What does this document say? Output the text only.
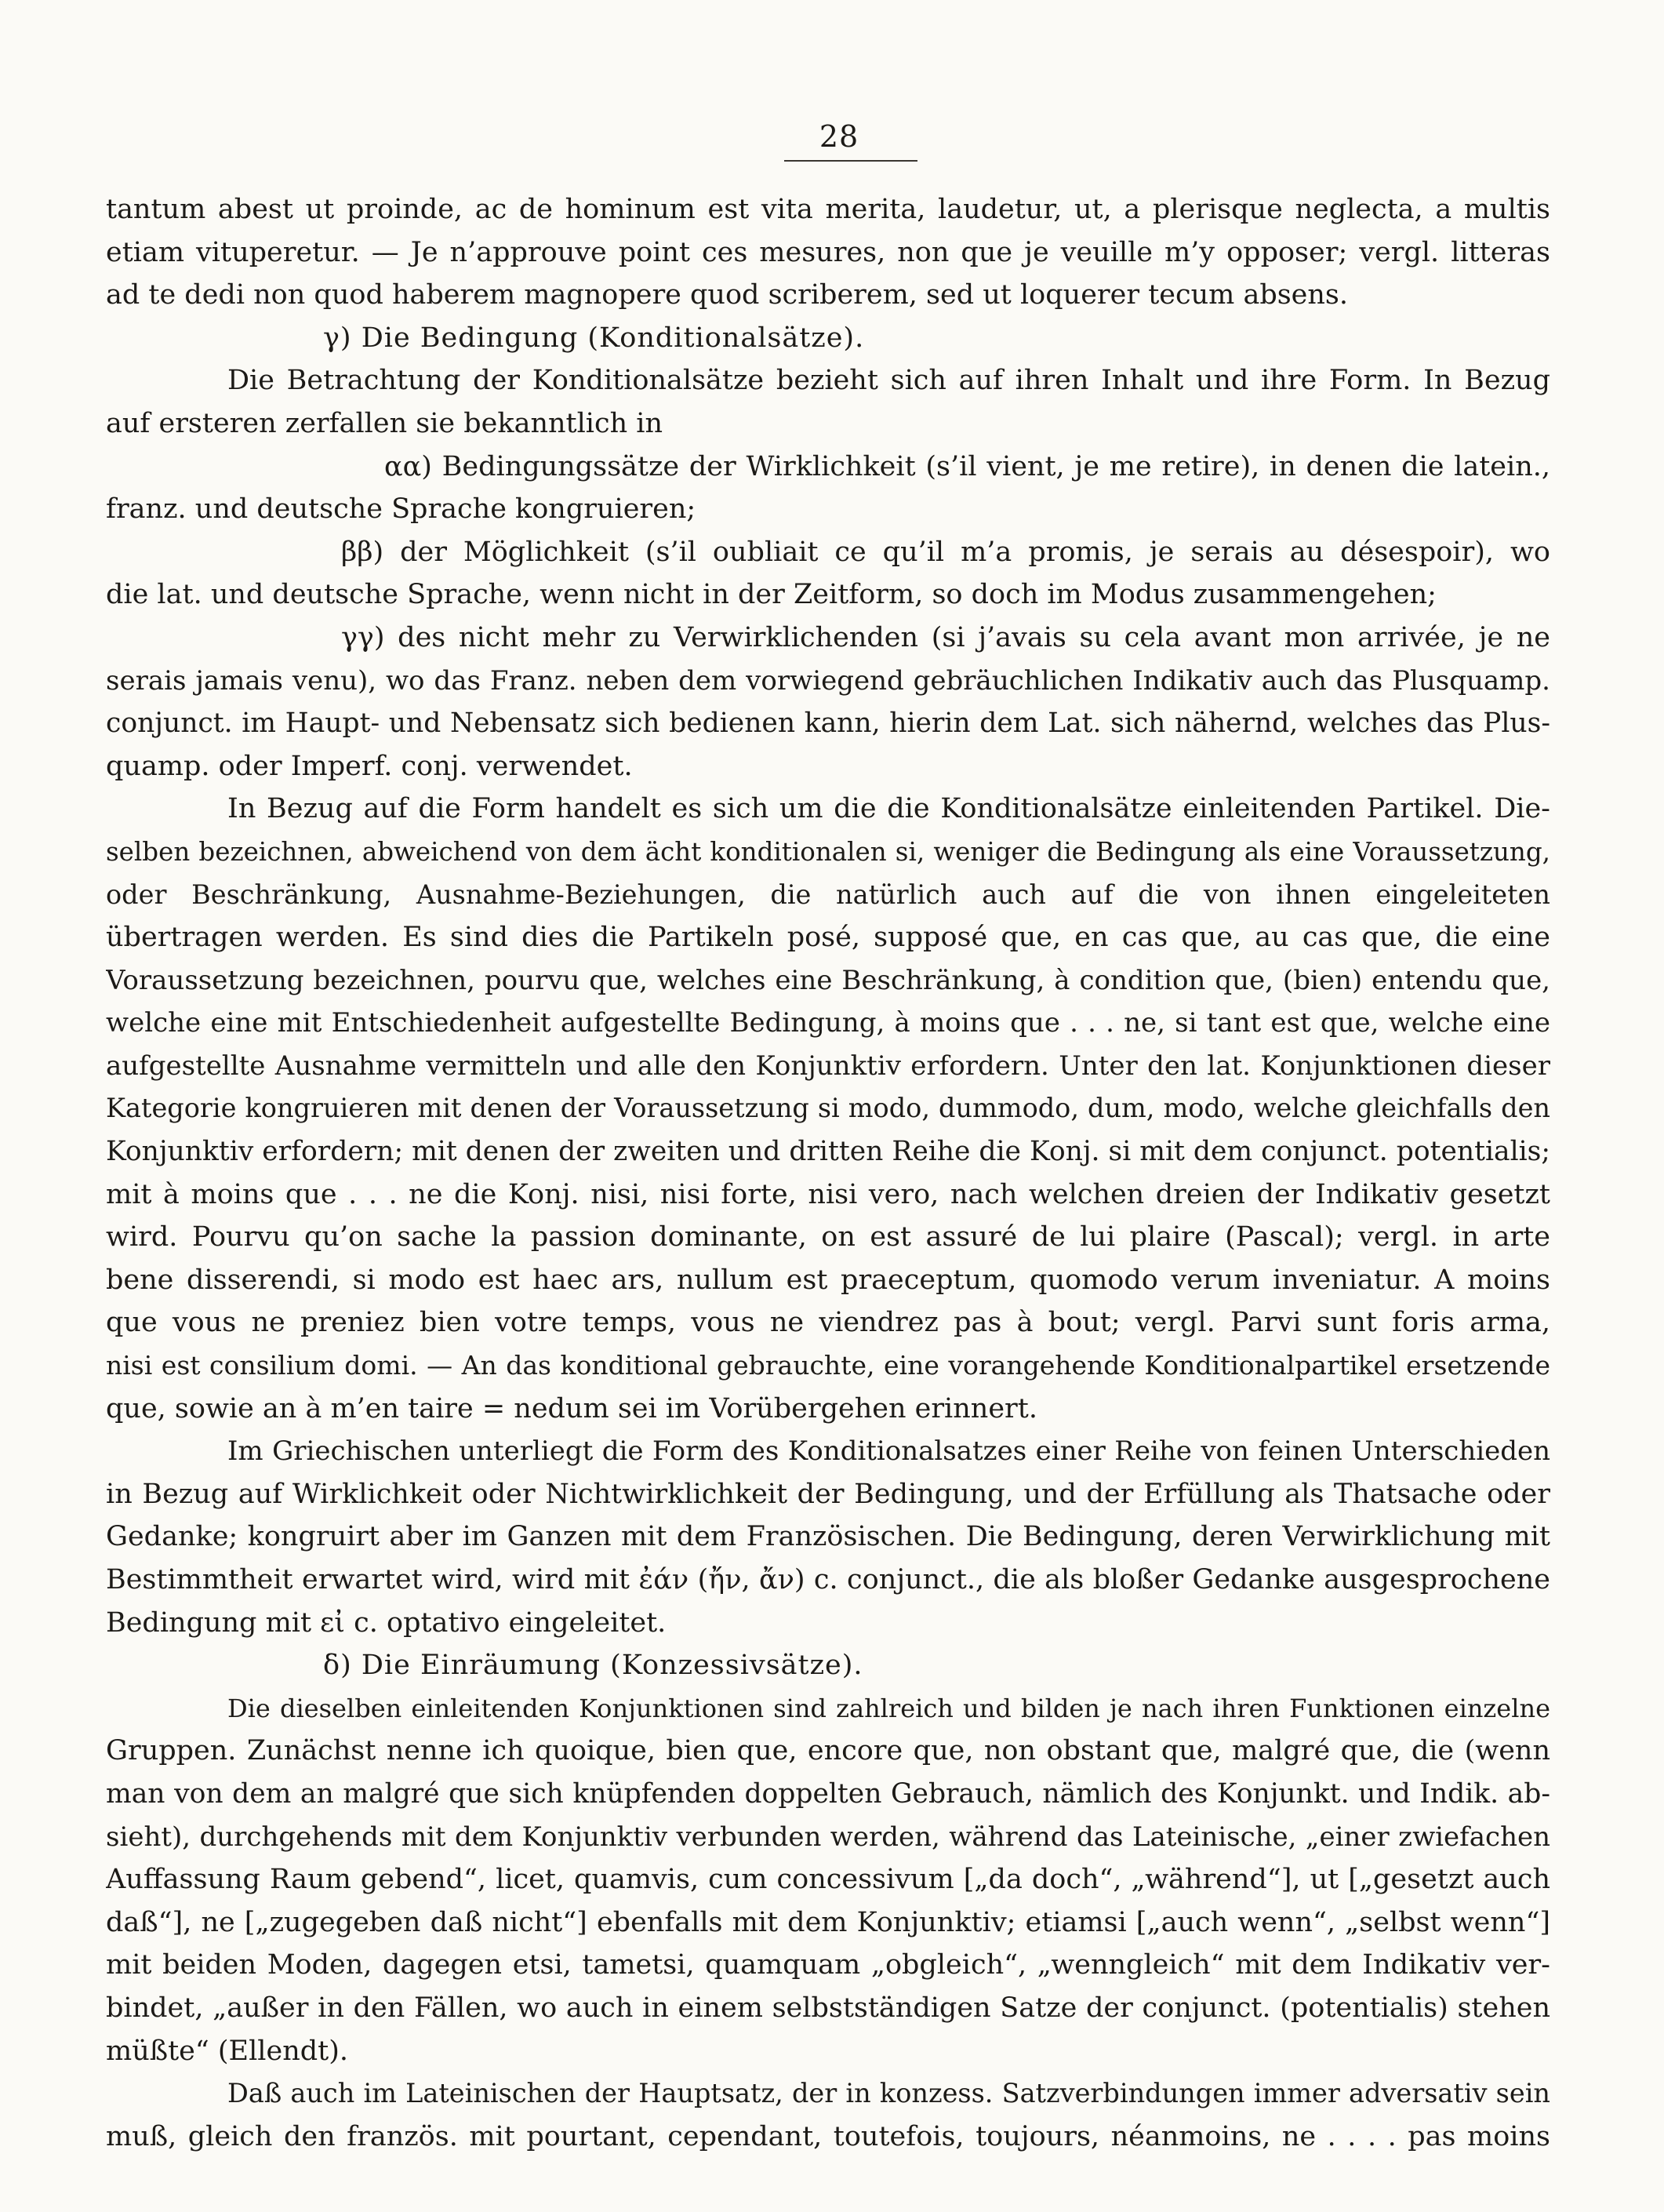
28

tantum abest ut proinde, ac de hominum est vita merita, laudetur, ut, a plerisque neglecta, a multis

etiam vituperetur. — Je n’approuve point ces mesures, non que je veuille m’y opposer; vergl. litteras

ad te dedi non quod haberem magnopere quod scriberem, sed ut loquerer tecum absens.

γ) Die Bedingung (Konditionalsätze).

Die Betrachtung der Konditionalsätze bezieht sich auf ihren Inhalt und ihre Form. In Bezug

auf ersteren zerfallen sie bekanntlich in

αα) Bedingungssätze der Wirklichkeit (s’il vient, je me retire), in denen die latein.,

franz. und deutsche Sprache kongruieren;

ββ) der Möglichkeit (s’il oubliait ce qu’il m’a promis, je serais au désespoir), wo

die lat. und deutsche Sprache, wenn nicht in der Zeitform, so doch im Modus zusammengehen;

γγ) des nicht mehr zu Verwirklichenden (si j’avais su cela avant mon arrivée, je ne

serais jamais venu), wo das Franz. neben dem vorwiegend gebräuchlichen Indikativ auch das Plusquamp.

conjunct. im Haupt- und Nebensatz sich bedienen kann, hierin dem Lat. sich nähernd, welches das Plus-

quamp. oder Imperf. conj. verwendet.

In Bezug auf die Form handelt es sich um die die Konditionalsätze einleitenden Partikel. Die-

selben bezeichnen, abweichend von dem ächt konditionalen si, weniger die Bedingung als eine Voraussetzung,

oder Beschränkung, Ausnahme-Beziehungen, die natürlich auch auf die von ihnen eingeleiteten

übertragen werden. Es sind dies die Partikeln posé, supposé que, en cas que, au cas que, die eine

Voraussetzung bezeichnen, pourvu que, welches eine Beschränkung, à condition que, (bien) entendu que,

welche eine mit Entschiedenheit aufgestellte Bedingung, à moins que . . . ne, si tant est que, welche eine

aufgestellte Ausnahme vermitteln und alle den Konjunktiv erfordern. Unter den lat. Konjunktionen dieser

Kategorie kongruieren mit denen der Voraussetzung si modo, dummodo, dum, modo, welche gleichfalls den

Konjunktiv erfordern; mit denen der zweiten und dritten Reihe die Konj. si mit dem conjunct. potentialis;

mit à moins que . . . ne die Konj. nisi, nisi forte, nisi vero, nach welchen dreien der Indikativ gesetzt

wird. Pourvu qu’on sache la passion dominante, on est assuré de lui plaire (Pascal); vergl. in arte

bene disserendi, si modo est haec ars, nullum est praeceptum, quomodo verum inveniatur. A moins

que vous ne preniez bien votre temps, vous ne viendrez pas à bout; vergl. Parvi sunt foris arma,

nisi est consilium domi. — An das konditional gebrauchte, eine vorangehende Konditionalpartikel ersetzende

que, sowie an à m’en taire = nedum sei im Vorübergehen erinnert.

Im Griechischen unterliegt die Form des Konditionalsatzes einer Reihe von feinen Unterschieden

in Bezug auf Wirklichkeit oder Nichtwirklichkeit der Bedingung, und der Erfüllung als Thatsache oder

Gedanke; kongruirt aber im Ganzen mit dem Französischen. Die Bedingung, deren Verwirklichung mit

Bestimmtheit erwartet wird, wird mit ἐάν (ἤν, ἄν) c. conjunct., die als bloßer Gedanke ausgesprochene

Bedingung mit εἰ c. optativo eingeleitet.

δ) Die Einräumung (Konzessivsätze).

Die dieselben einleitenden Konjunktionen sind zahlreich und bilden je nach ihren Funktionen einzelne

Gruppen. Zunächst nenne ich quoique, bien que, encore que, non obstant que, malgré que, die (wenn

man von dem an malgré que sich knüpfenden doppelten Gebrauch, nämlich des Konjunkt. und Indik. ab-

sieht), durchgehends mit dem Konjunktiv verbunden werden, während das Lateinische, „einer zwiefachen

Auffassung Raum gebend“, licet, quamvis, cum concessivum [„da doch“, „während“], ut [„gesetzt auch

daß“], ne [„zugegeben daß nicht“] ebenfalls mit dem Konjunktiv; etiamsi [„auch wenn“, „selbst wenn“]

mit beiden Moden, dagegen etsi, tametsi, quamquam „obgleich“, „wenngleich“ mit dem Indikativ ver-

bindet, „außer in den Fällen, wo auch in einem selbstständigen Satze der conjunct. (potentialis) stehen

müßte“ (Ellendt).

Daß auch im Lateinischen der Hauptsatz, der in konzess. Satzverbindungen immer adversativ sein

muß, gleich den französ. mit pourtant, cependant, toutefois, toujours, néanmoins, ne . . . . pas moins
